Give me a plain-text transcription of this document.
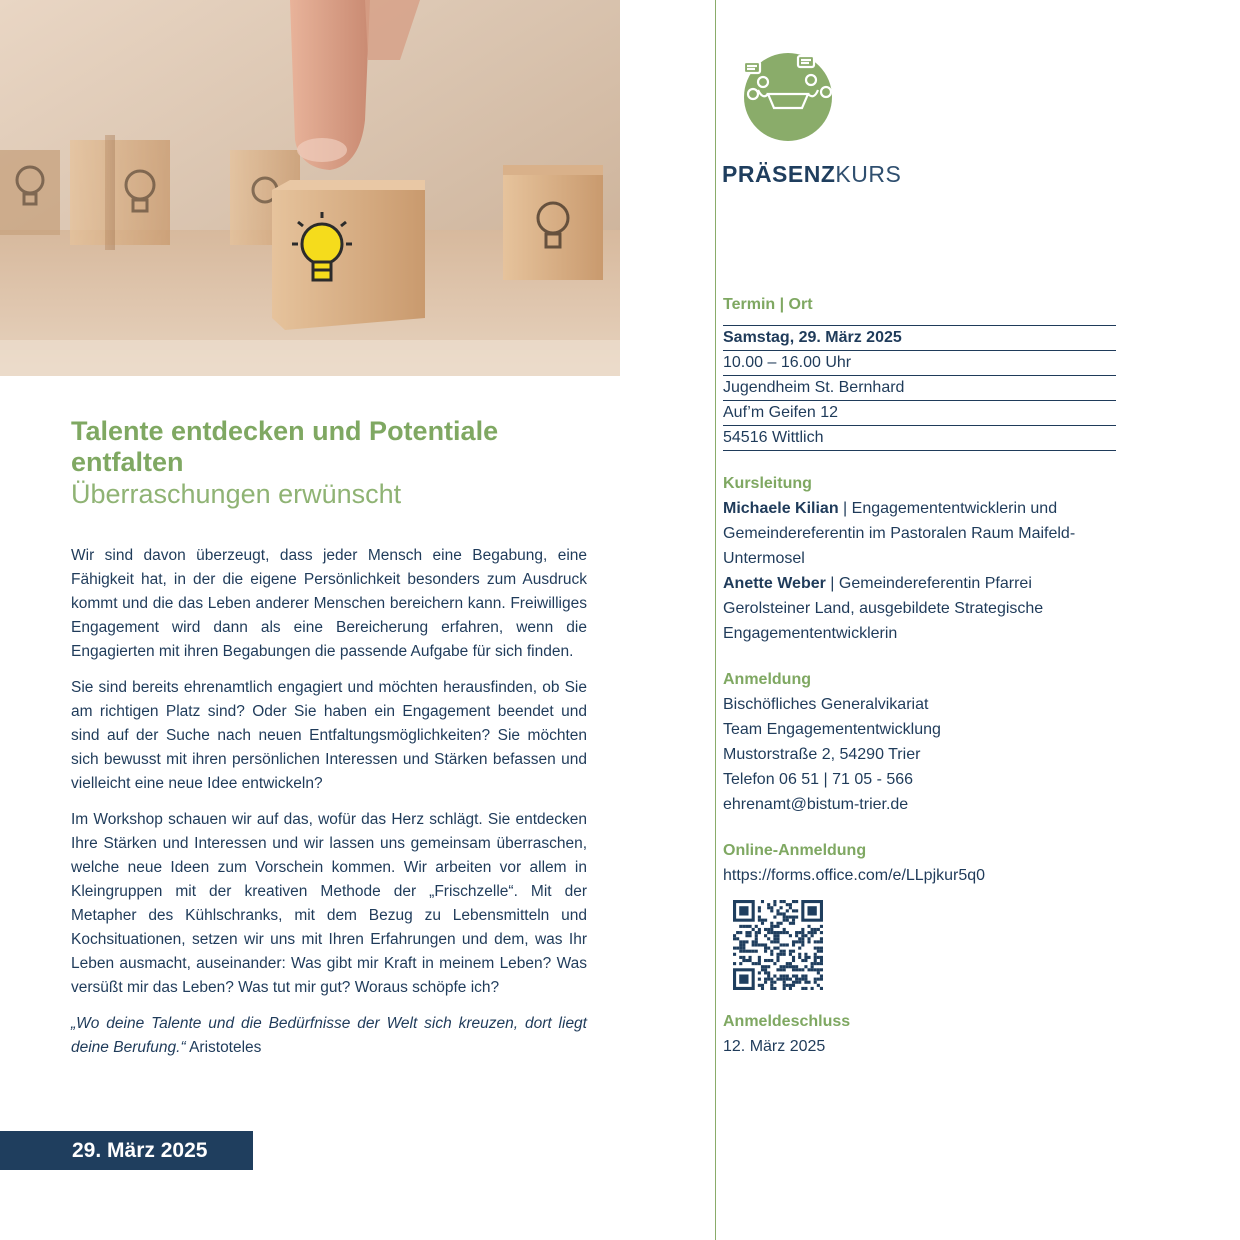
Talente entdecken und Potentiale entfalten
Überraschungen erwünscht

Wir sind davon überzeugt, dass jeder Mensch eine Begabung, eine Fähigkeit hat, in der die eigene Persönlichkeit besonders zum Ausdruck kommt und die das Leben anderer Menschen bereichern kann. Freiwilliges Engagement wird dann als eine Bereicherung erfahren, wenn die Engagierten mit ihren Begabungen die passende Aufgabe für sich finden.

Sie sind bereits ehrenamtlich engagiert und möchten herausfinden, ob Sie am richtigen Platz sind? Oder Sie haben ein Engagement beendet und sind auf der Suche nach neuen Entfaltungsmöglichkeiten? Sie möchten sich bewusst mit ihren persönlichen Interessen und Stärken befassen und vielleicht eine neue Idee entwickeln?

Im Workshop schauen wir auf das, wofür das Herz schlägt. Sie entdecken Ihre Stärken und Interessen und wir lassen uns gemeinsam überraschen, welche neue Ideen zum Vorschein kommen. Wir arbeiten vor allem in Kleingruppen mit der kreativen Methode der „Frischzelle“. Mit der Metapher des Kühlschranks, mit dem Bezug zu Lebensmitteln und Kochsituationen, setzen wir uns mit Ihren Erfahrungen und dem, was Ihr Leben ausmacht, auseinander: Was gibt mir Kraft in meinem Leben? Was versüßt mir das Leben? Was tut mir gut? Woraus schöpfe ich?

„Wo deine Talente und die Bedürfnisse der Welt sich kreuzen, dort liegt deine Berufung.“ Aristoteles

29. März 2025
PRÄSENZKURS
Termin | Ort
Samstag, 29. März 2025
10.00 – 16.00 Uhr
Jugendheim St. Bernhard
Auf’m Geifen 12
54516 Wittlich
Kursleitung

Michaele Kilian | Engagemententwicklerin und Gemeindereferentin im Pastoralen Raum Maifeld-Untermosel
Anette Weber | Gemeindereferentin Pfarrei Gerolsteiner Land, ausgebildete Strategische Engagemententwicklerin

Anmeldung

Bischöfliches Generalvikariat
Team Engagemententwicklung
Mustorstraße 2, 54290 Trier
Telefon 06 51 | 71 05 - 566
ehrenamt@bistum-trier.de

Online-Anmeldung

https://forms.office.com/e/LLpjkur5q0

Anmeldeschluss

12. März 2025
